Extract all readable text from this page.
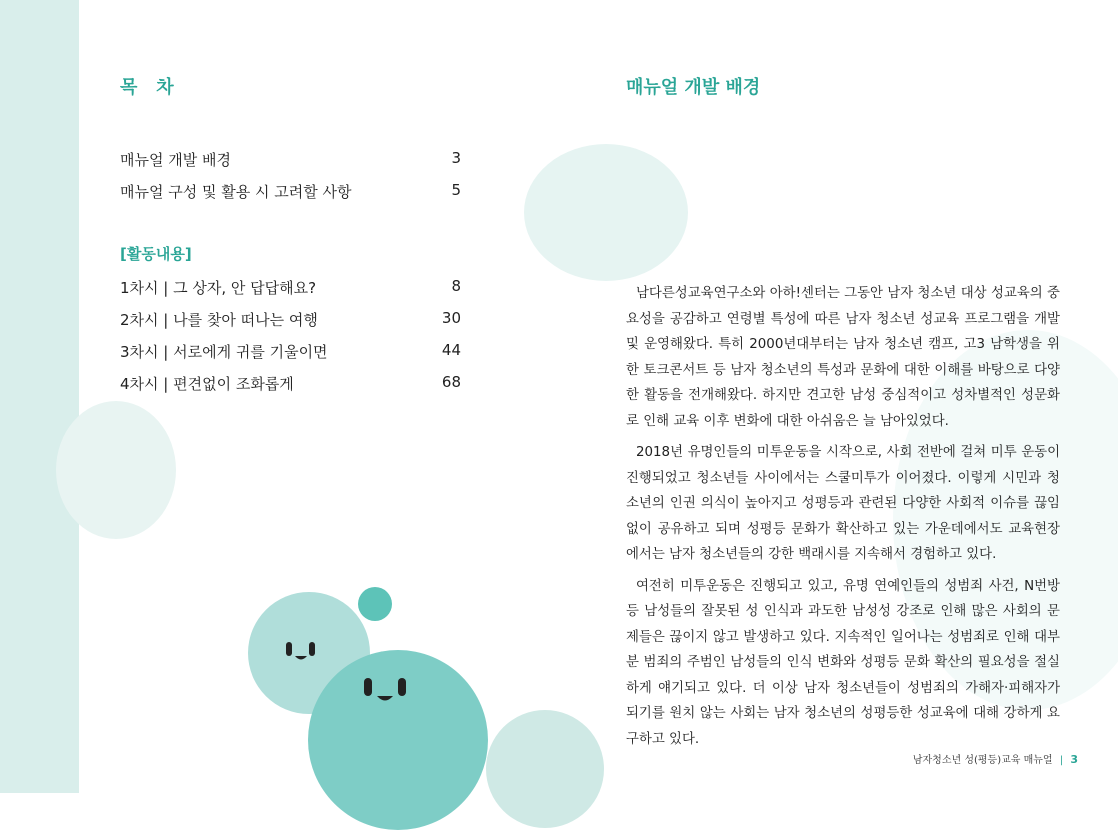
목   차
매뉴얼 개발 배경	3
매뉴얼 구성 및 활용 시 고려할 사항	5
[활동내용]
1차시 | 그 상자, 안 답답해요?	8
2차시 | 나를 찾아 떠나는 여행	30
3차시 | 서로에게 귀를 기울이면	44
4차시 | 편견없이 조화롭게	68
매뉴얼 개발 배경

남다른성교육연구소와 아하!센터는 그동안 남자 청소년 대상 성교육의 중요성을 공감하고 연령별 특성에 따른 남자 청소년 성교육 프로그램을 개발 및 운영해왔다. 특히 2000년대부터는 남자 청소년 캠프, 고3 남학생을 위한 토크콘서트 등 남자 청소년의 특성과 문화에 대한 이해를 바탕으로 다양한 활동을 전개해왔다. 하지만 견고한 남성 중심적이고 성차별적인 성문화로 인해 교육 이후 변화에 대한 아쉬움은 늘 남아있었다.

2018년 유명인들의 미투운동을 시작으로, 사회 전반에 걸쳐 미투 운동이 진행되었고 청소년들 사이에서는 스쿨미투가 이어졌다. 이렇게 시민과 청소년의 인권 의식이 높아지고 성평등과 관련된 다양한 사회적 이슈를 끊임없이 공유하고 되며 성평등 문화가 확산하고 있는 가운데에서도 교육현장에서는 남자 청소년들의 강한 백래시를 지속해서 경험하고 있다.

여전히 미투운동은 진행되고 있고, 유명 연예인들의 성범죄 사건, N번방 등 남성들의 잘못된 성 인식과 과도한 남성성 강조로 인해 많은 사회의 문제들은 끊이지 않고 발생하고 있다. 지속적인 일어나는 성범죄로 인해 대부분 범죄의 주범인 남성들의 인식 변화와 성평등 문화 확산의 필요성을 절실하게 얘기되고 있다. 더 이상 남자 청소년들이 성범죄의 가해자·피해자가 되기를 원치 않는 사회는 남자 청소년의 성평등한 성교육에 대해 강하게 요구하고 있다.

남자청소년 성(평등)교육 매뉴얼 | 3
